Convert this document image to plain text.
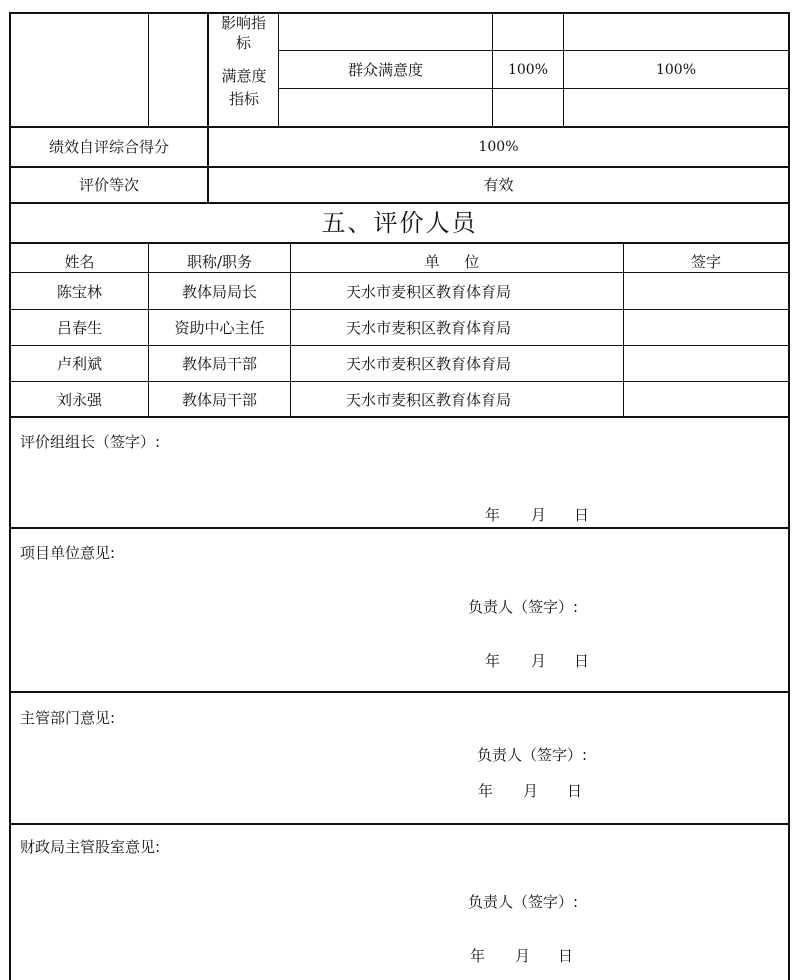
影响指标
满意度指标
群众满意度	100%	100%
绩效自评综合得分	100%
评价等次	有效
五、评价人员
姓名	职称/职务	单 位	签字
陈宝林	教体局局长	天水市麦积区教育体育局
吕春生	资助中心主任	天水市麦积区教育体育局
卢利斌	教体局干部	天水市麦积区教育体育局
刘永强	教体局干部	天水市麦积区教育体育局
评价组组长（签字）:
年 月 日
项目单位意见:
负责人（签字）:
年 月 日
主管部门意见:
负责人（签字）:
年 月 日
财政局主管股室意见:
负责人（签字）:
年 月 日
